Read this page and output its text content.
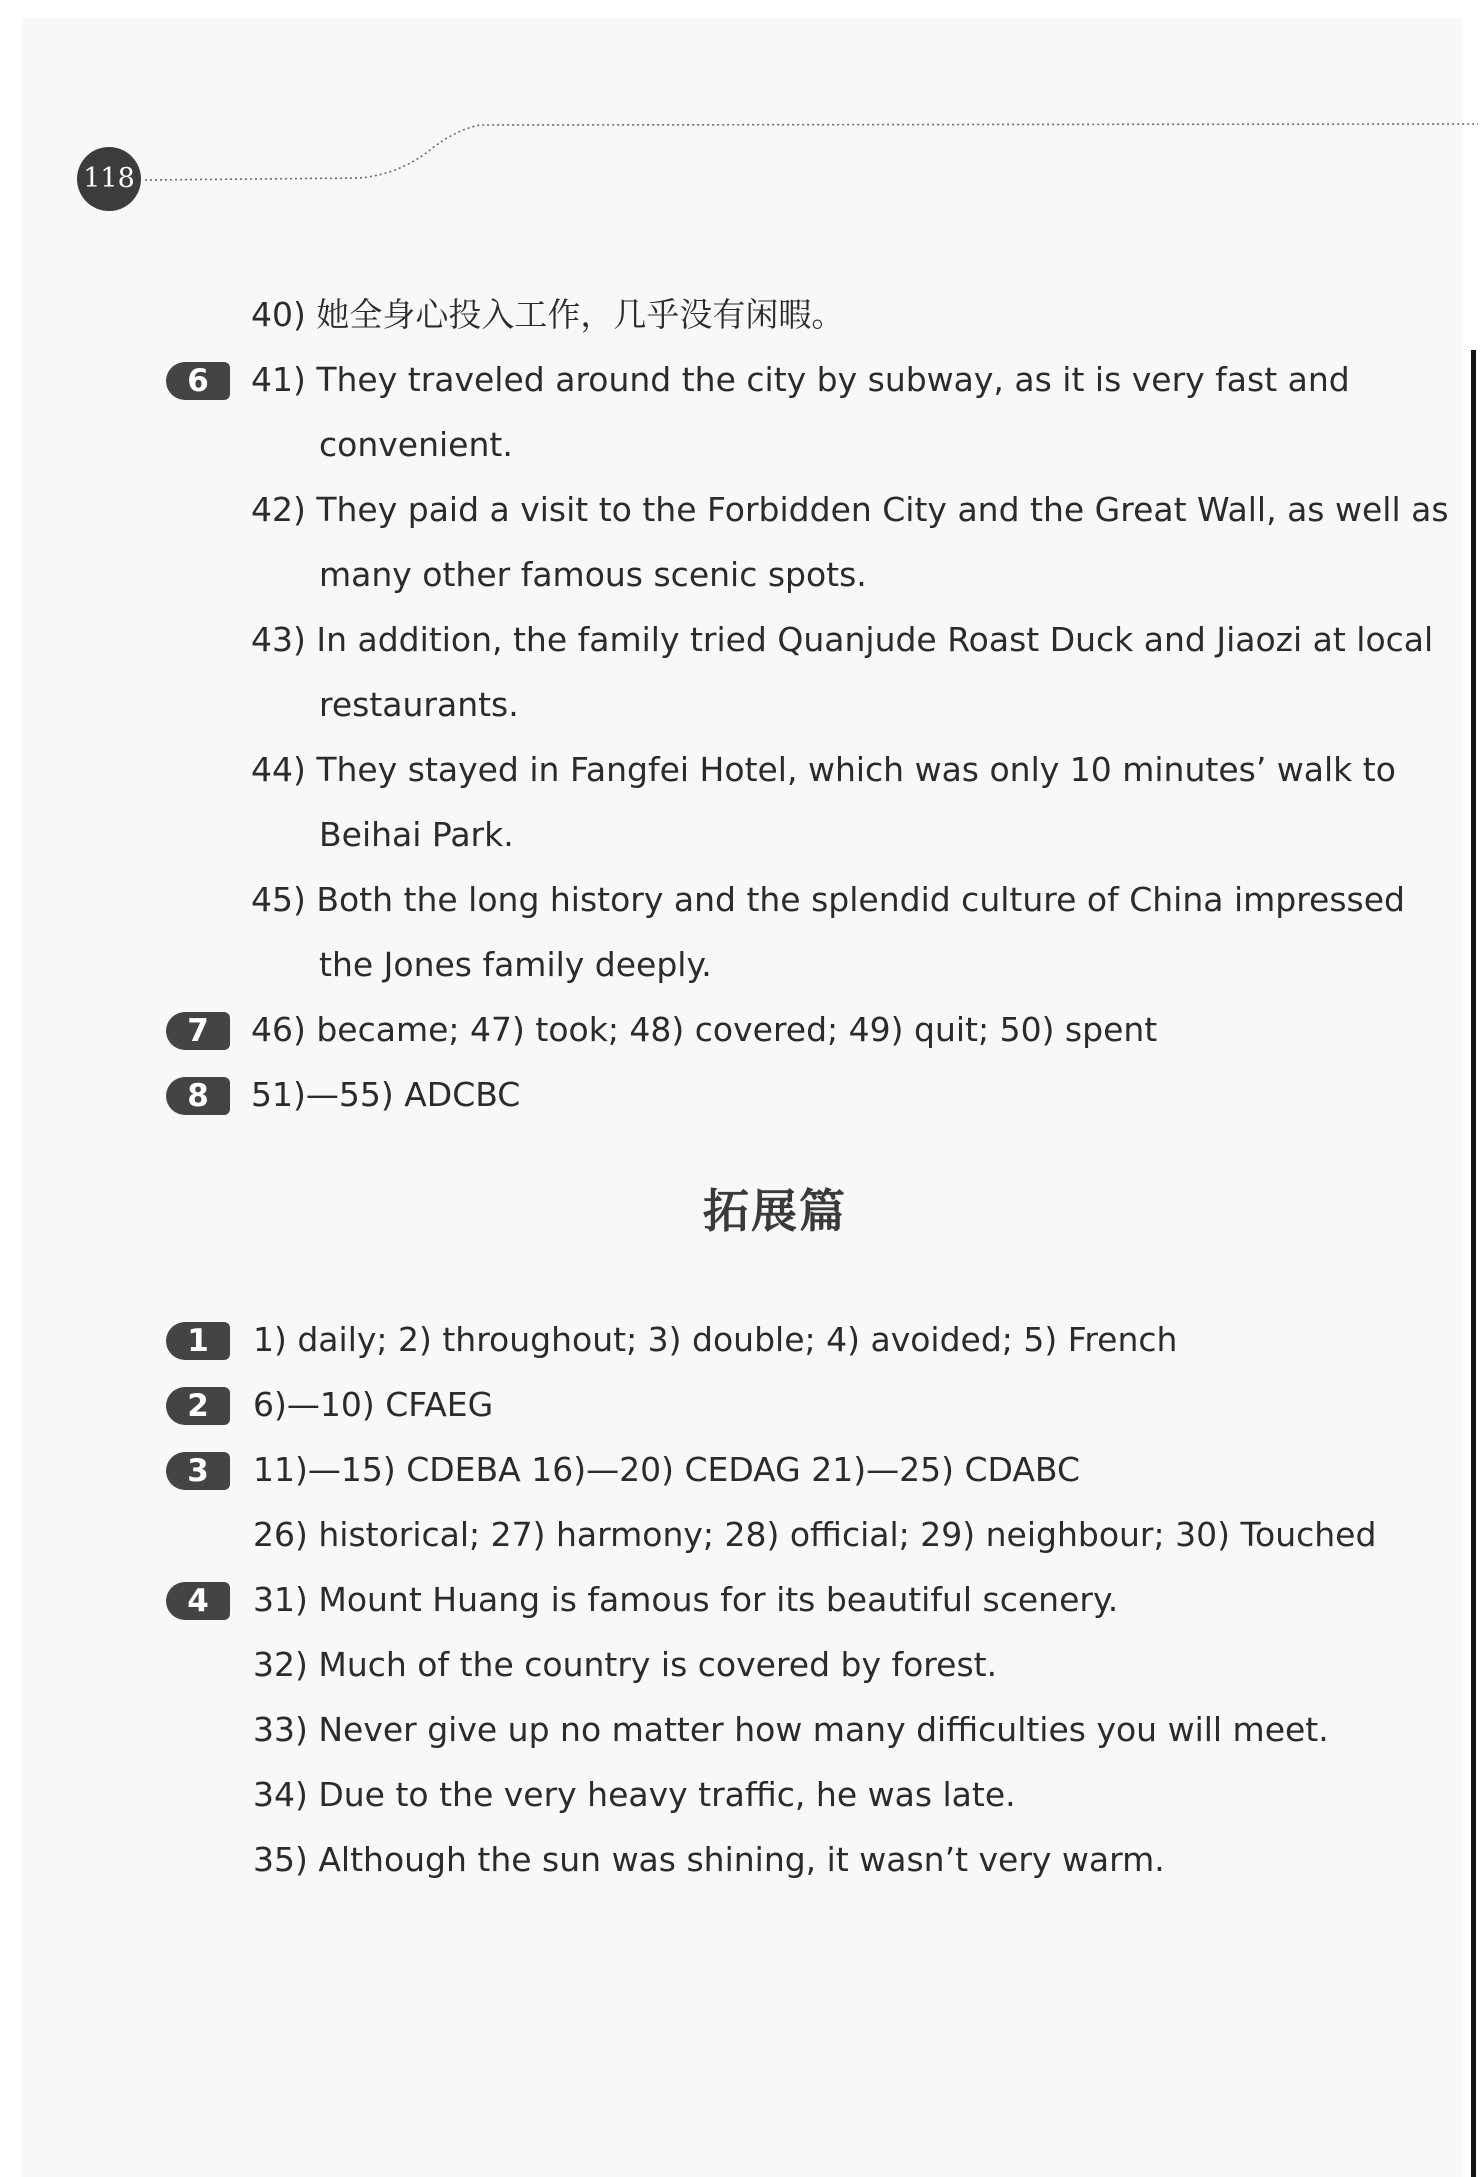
118
40) 她全身心投入工作，几乎没有闲暇。
6	41) They traveled around the city by subway, as it is very fast and
convenient.
42) They paid a visit to the Forbidden City and the Great Wall, as well as
many other famous scenic spots.
43) In addition, the family tried Quanjude Roast Duck and Jiaozi at local
restaurants.
44) They stayed in Fangfei Hotel, which was only 10 minutes’ walk to
Beihai Park.
45) Both the long history and the splendid culture of China impressed
the Jones family deeply.
7	46) became; 47) took; 48) covered; 49) quit; 50) spent
8	51)—55) ADCBC
拓展篇
1	1) daily; 2) throughout; 3) double; 4) avoided; 5) French
2	6)—10) CFAEG
3	11)—15) CDEBA 16)—20) CEDAG 21)—25) CDABC
26) historical; 27) harmony; 28) official; 29) neighbour; 30) Touched
4	31) Mount Huang is famous for its beautiful scenery.
32) Much of the country is covered by forest.
33) Never give up no matter how many difficulties you will meet.
34) Due to the very heavy traffic, he was late.
35) Although the sun was shining, it wasn’t very warm.
